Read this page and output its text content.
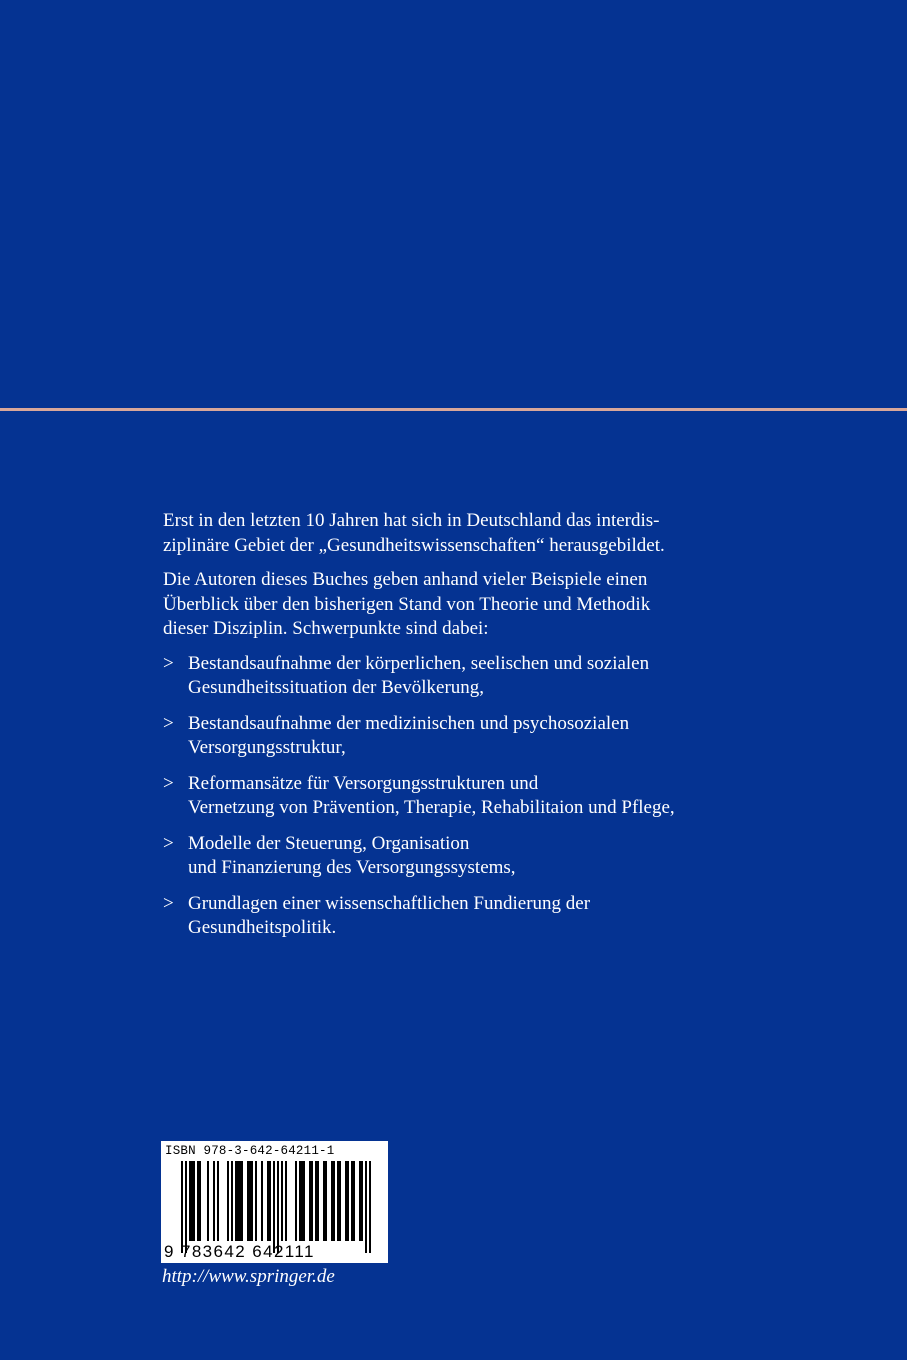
Erst in den letzten 10 Jahren hat sich in Deutschland das interdis-
ziplinäre Gebiet der „Gesundheitswissenschaften“ herausgebildet.

Die Autoren dieses Buches geben anhand vieler Beispiele einen
Überblick über den bisherigen Stand von Theorie und Methodik
dieser Disziplin. Schwerpunkte sind dabei:

> Bestandsaufnahme der körperlichen, seelischen und sozialen
Gesundheitssituation der Bevölkerung,
> Bestandsaufnahme der medizinischen und psychosozialen
Versorgungsstruktur,
> Reformansätze für Versorgungsstrukturen und
Vernetzung von Prävention, Therapie, Rehabilitaion und Pflege,
> Modelle der Steuerung, Organisation
und Finanzierung des Versorgungssystems,
> Grundlagen einer wissenschaftlichen Fundierung der
Gesundheitspolitik.
ISBN 978-3-642-64211-1
9 783642 642111
http://www.springer.de
